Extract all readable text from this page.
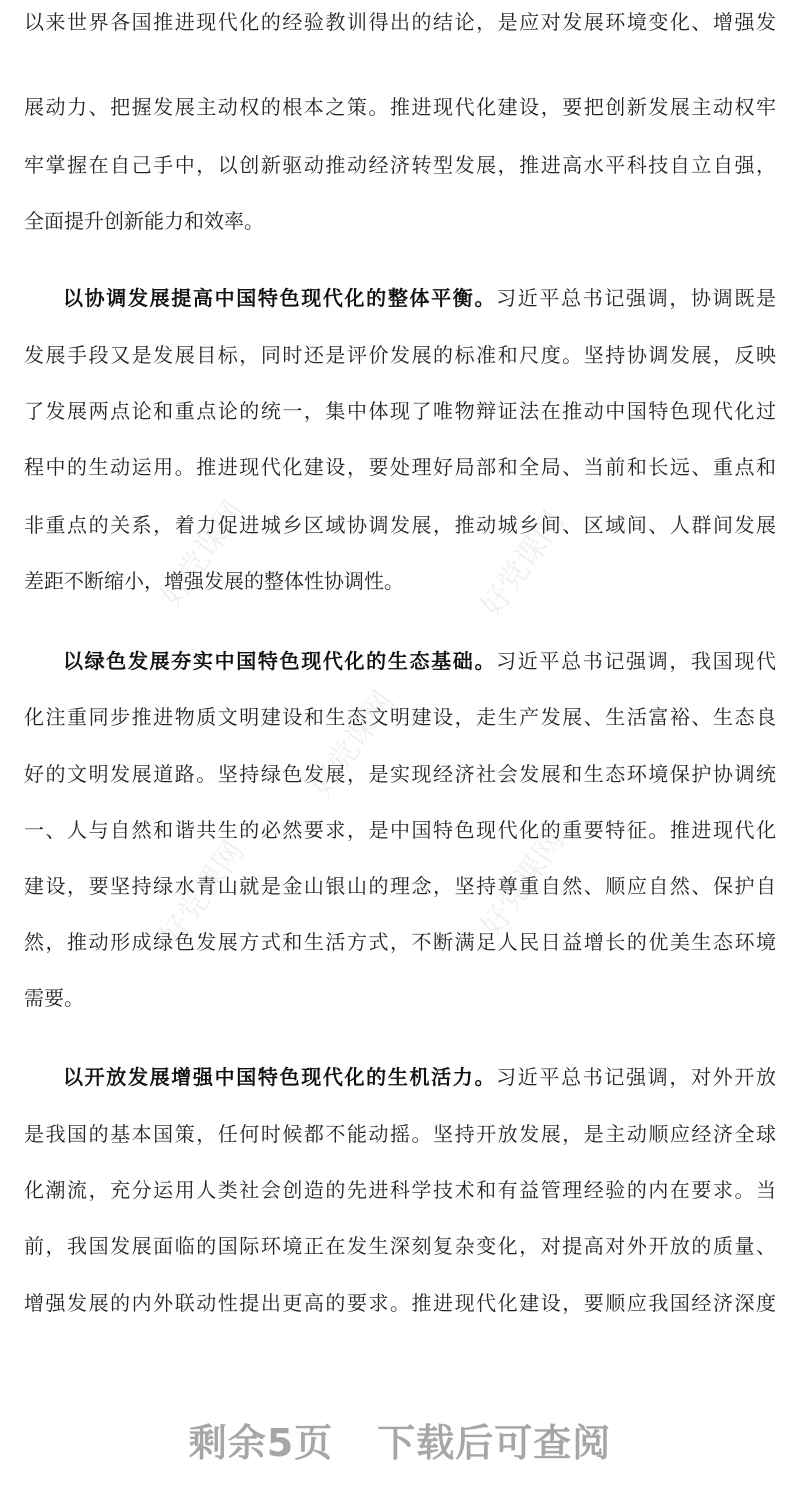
好党课网	好党课网
好党课网
好党课网	好党课网
以来世界各国推进现代化的经验教训得出的结论，是应对发展环境变化、增强发
展动力、把握发展主动权的根本之策。推进现代化建设，要把创新发展主动权牢
牢掌握在自己手中，以创新驱动推动经济转型发展，推进高水平科技自立自强，
全面提升创新能力和效率。
以协调发展提高中国特色现代化的整体平衡。习近平总书记强调，协调既是
发展手段又是发展目标，同时还是评价发展的标准和尺度。坚持协调发展，反映
了发展两点论和重点论的统一，集中体现了唯物辩证法在推动中国特色现代化过
程中的生动运用。推进现代化建设，要处理好局部和全局、当前和长远、重点和
非重点的关系，着力促进城乡区域协调发展，推动城乡间、区域间、人群间发展
差距不断缩小，增强发展的整体性协调性。
以绿色发展夯实中国特色现代化的生态基础。习近平总书记强调，我国现代
化注重同步推进物质文明建设和生态文明建设，走生产发展、生活富裕、生态良
好的文明发展道路。坚持绿色发展，是实现经济社会发展和生态环境保护协调统
一、人与自然和谐共生的必然要求，是中国特色现代化的重要特征。推进现代化
建设，要坚持绿水青山就是金山银山的理念，坚持尊重自然、顺应自然、保护自
然，推动形成绿色发展方式和生活方式，不断满足人民日益增长的优美生态环境
需要。
以开放发展增强中国特色现代化的生机活力。习近平总书记强调，对外开放
是我国的基本国策，任何时候都不能动摇。坚持开放发展，是主动顺应经济全球
化潮流，充分运用人类社会创造的先进科学技术和有益管理经验的内在要求。当
前，我国发展面临的国际环境正在发生深刻复杂变化，对提高对外开放的质量、
增强发展的内外联动性提出更高的要求。推进现代化建设，要顺应我国经济深度
剩余5页 下载后可查阅
